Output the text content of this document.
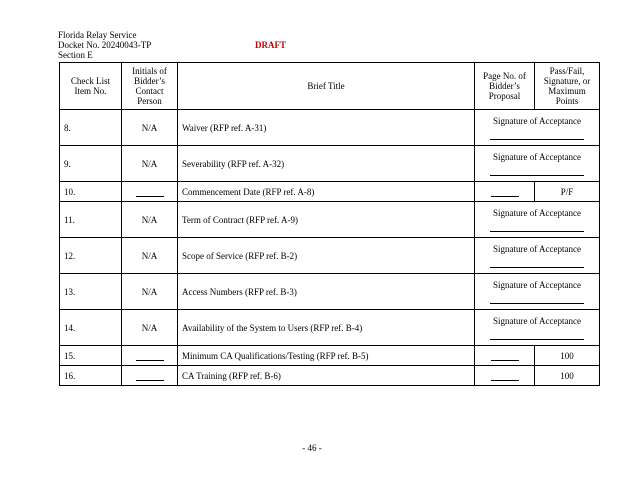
Florida Relay Service
Docket No. 20240043-TP
Section E
DRAFT
Check List Item No.	Initials of Bidder’s Contact Person	Brief Title	Page No. of Bidder’s Proposal	Pass/Fail, Signature, or Maximum Points
8.	N/A	Waiver (RFP ref. A-31)	Signature of Acceptance	

9.	N/A	Severability (RFP ref. A-32)	Signature of Acceptance	

10.		Commencement Date (RFP ref. A-8)		P/F
11.	N/A	Term of Contract (RFP ref. A-9)	Signature of Acceptance	

12.	N/A	Scope of Service (RFP ref. B-2)	Signature of Acceptance	

13.	N/A	Access Numbers (RFP ref. B-3)	Signature of Acceptance	

14.	N/A	Availability of the System to Users (RFP ref. B-4)	Signature of Acceptance	

15.		Minimum CA Qualifications/Testing (RFP ref. B-5)		100
16.		CA Training (RFP ref. B-6)		100
- 46 -
